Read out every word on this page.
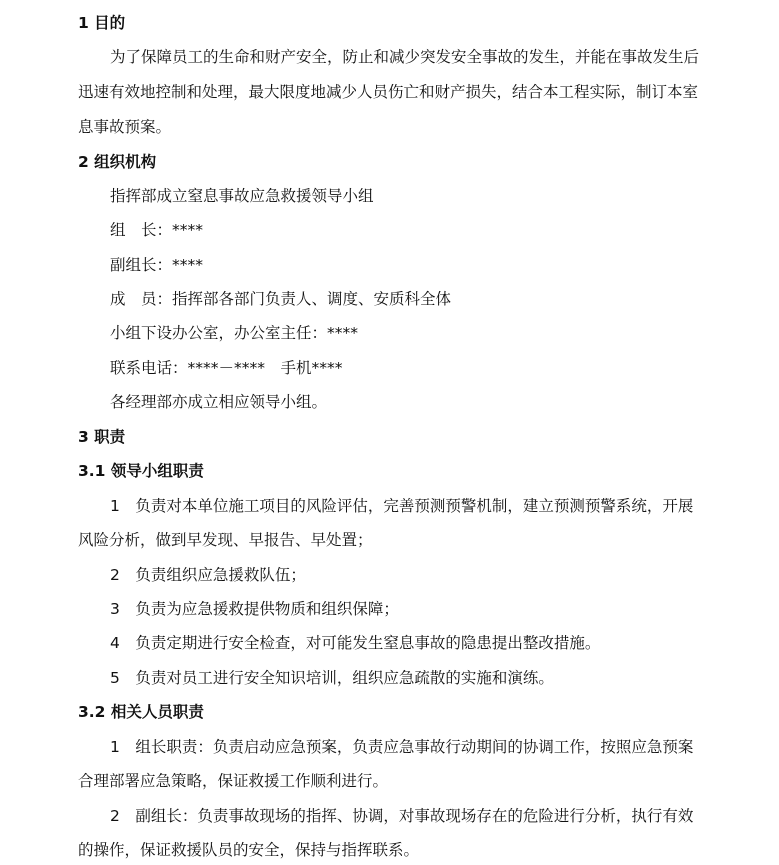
1 目的
为了保障员工的生命和财产安全，防止和减少突发安全事故的发生，并能在事故发生后
迅速有效地控制和处理，最大限度地减少人员伤亡和财产损失，结合本工程实际，制订本室
息事故预案。
2 组织机构
指挥部成立窒息事故应急救援领导小组
组　长：****
副组长：****
成　员：指挥部各部门负责人、调度、安质科全体
小组下设办公室，办公室主任：****
联系电话：****－****　手机****
各经理部亦成立相应领导小组。
3 职责
3.1 领导小组职责
1　负责对本单位施工项目的风险评估，完善预测预警机制，建立预测预警系统，开展
风险分析，做到早发现、早报告、早处置；
2　负责组织应急援救队伍；
3　负责为应急援救提供物质和组织保障；
4　负责定期进行安全检查，对可能发生窒息事故的隐患提出整改措施。
5　负责对员工进行安全知识培训，组织应急疏散的实施和演练。
3.2 相关人员职责
1　组长职责：负责启动应急预案，负责应急事故行动期间的协调工作，按照应急预案
合理部署应急策略，保证救援工作顺利进行。
2　副组长：负责事故现场的指挥、协调，对事故现场存在的危险进行分析，执行有效
的操作，保证救援队员的安全，保持与指挥联系。
